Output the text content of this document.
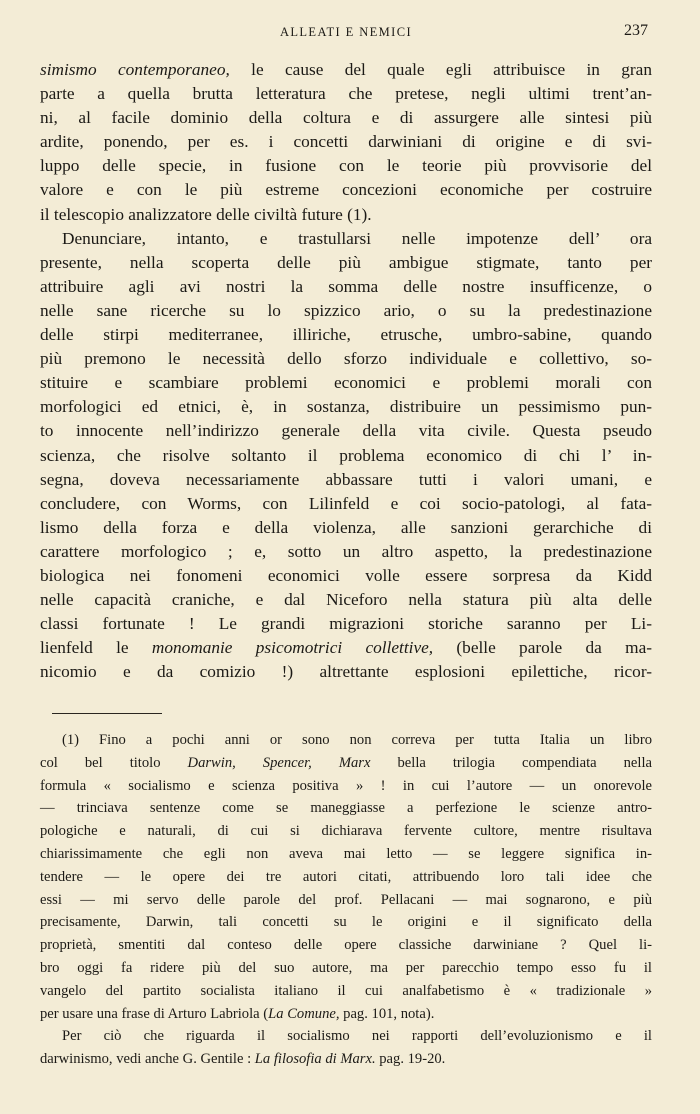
ALLEATI E NEMICI	237
simismo contemporaneo, le cause del quale egli attribuisce in gran
parte a quella brutta letteratura che pretese, negli ultimi trent’an-
ni, al facile dominio della coltura e di assurgere alle sintesi più
ardite, ponendo, per es. i concetti darwiniani di origine e di svi-
luppo delle specie, in fusione con le teorie più provvisorie del
valore e con le più estreme concezioni economiche per costruire
il telescopio analizzatore delle civiltà future (1).
Denunciare, intanto, e trastullarsi nelle impotenze dell’ ora
presente, nella scoperta delle più ambigue stigmate, tanto per
attribuire agli avi nostri la somma delle nostre insufficenze, o
nelle sane ricerche su lo spizzico ario, o su la predestinazione
delle stirpi mediterranee, illiriche, etrusche, umbro-sabine, quando
più premono le necessità dello sforzo individuale e collettivo, so-
stituire e scambiare problemi economici e problemi morali con
morfologici ed etnici, è, in sostanza, distribuire un pessimismo pun-
to innocente nell’indirizzo generale della vita civile. Questa pseudo
scienza, che risolve soltanto il problema economico di chi l’ in-
segna, doveva necessariamente abbassare tutti i valori umani, e
concludere, con Worms, con Lilinfeld e coi socio-patologi, al fata-
lismo della forza e della violenza, alle sanzioni gerarchiche di
carattere morfologico ; e, sotto un altro aspetto, la predestinazione
biologica nei fonomeni economici volle essere sorpresa da Kidd
nelle capacità craniche, e dal Niceforo nella statura più alta delle
classi fortunate ! Le grandi migrazioni storiche saranno per Li-
lienfeld le monomanie psicomotrici collettive, (belle parole da ma-
nicomio e da comizio !) altrettante esplosioni epilettiche, ricor-
(1) Fino a pochi anni or sono non correva per tutta Italia un libro
col bel titolo Darwin, Spencer, Marx bella trilogia compendiata nella
formula « socialismo e scienza positiva » ! in cui l’autore — un onorevole
— trinciava sentenze come se maneggiasse a perfezione le scienze antro-
pologiche e naturali, di cui si dichiarava fervente cultore, mentre risultava
chiarissimamente che egli non aveva mai letto — se leggere significa in-
tendere — le opere dei tre autori citati, attribuendo loro tali idee che
essi — mi servo delle parole del prof. Pellacani — mai sognarono, e più
precisamente, Darwin, tali concetti su le origini e il significato della
proprietà, smentiti dal conteso delle opere classiche darwiniane ? Quel li-
bro oggi fa ridere più del suo autore, ma per parecchio tempo esso fu il
vangelo del partito socialista italiano il cui analfabetismo è « tradizionale »
per usare una frase di Arturo Labriola (La Comune, pag. 101, nota).
Per ciò che riguarda il socialismo nei rapporti dell’evoluzionismo e il
darwinismo, vedi anche G. Gentile : La filosofia di Marx. pag. 19-20.
